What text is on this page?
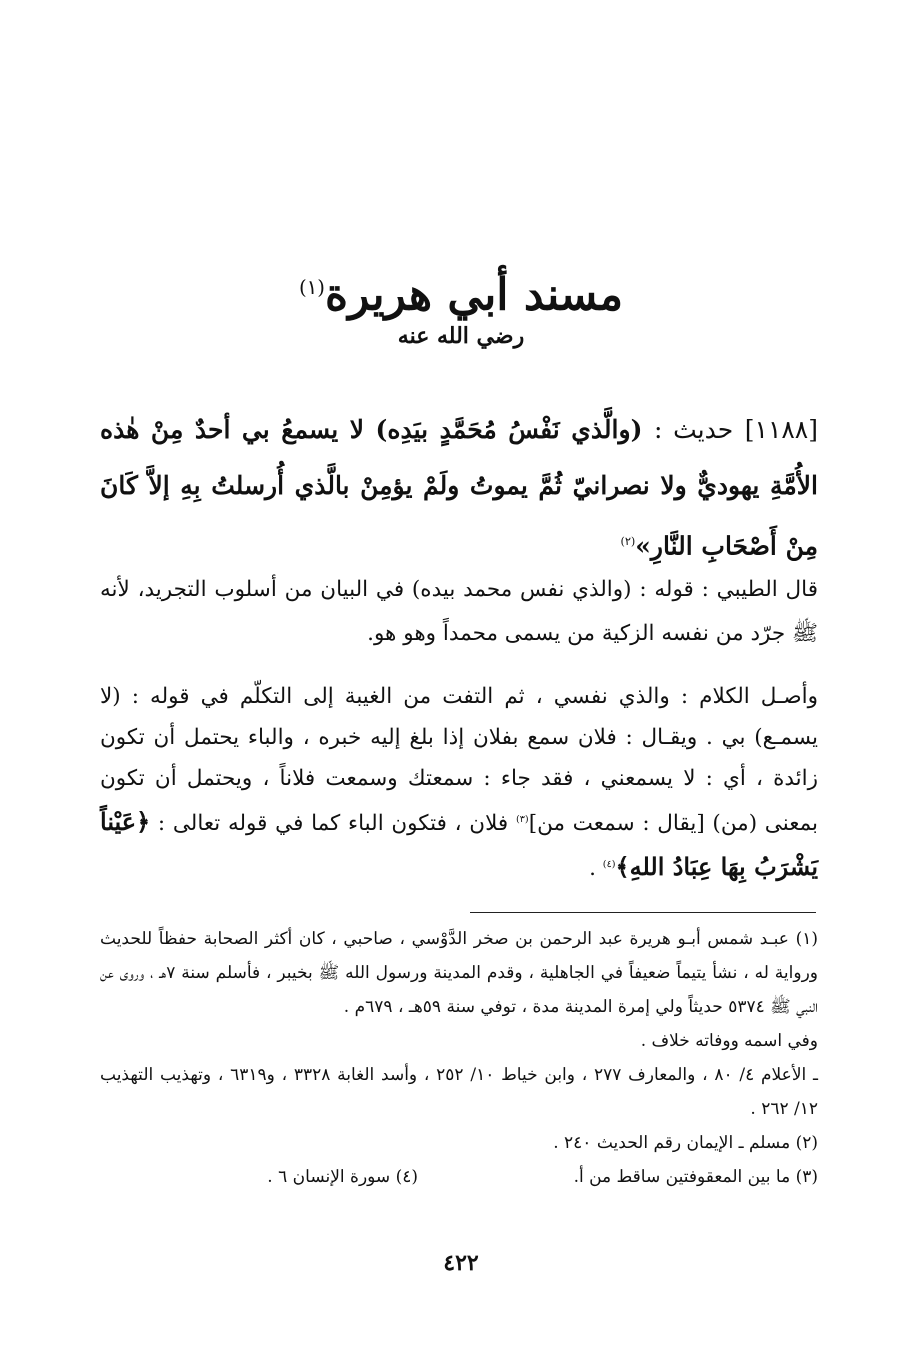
مسند أبي هريرة$^{(١)}$
رضي الله عنه
[١١٨٨] حديث : (والَّذي نَفْسُ مُحَمَّدٍ بيَدِه) لا يسمعُ بي أحدٌ مِنْ هٰذه الأُمَّةِ يهوديٌّ ولا نصرانيّ ثُمَّ يموتُ ولَمْ يؤمِنْ بالَّذي أُرسلتُ بِهِ إلاَّ كَانَ مِنْ أَصْحَابِ النَّارِ»$^{(٢)}$
قال الطيبي : قوله : (والذي نفس محمد بيده) في البيان من أسلوب التجريد، لأنه ﷺ جرّد من نفسه الزكية من يسمى محمداً وهو هو.
وأصـل الكلام : والذي نفسي ، ثم التفت من الغيبة إلى التكلّم في قوله : (لا يسمـع) بي . ويقـال : فلان سمع بفلان إذا بلغ إليه خبره ، والباء يحتمل أن تكون زائدة ، أي : لا يسمعني ، فقد جاء : سمعتك وسمعت فلاناً ، ويحتمل أن تكون بمعنى (من) [يقال : سمعت من]$^{(٣)}$ فلان ، فتكون الباء كما في قوله تعالى : ﴿عَيْناً يَشْرَبُ بِهَا عِبَادُ اللهِ﴾$^{(٤)}$ .

(١) عبـد شمس أبـو هريرة عبد الرحمن بن صخر الدَّوْسي ، صاحبي ، كان أكثر الصحابة حفظاً للحديث ورواية له ، نشأ يتيماً ضعيفاً في الجاهلية ، وقدم المدينة ورسول الله ﷺ بخيبر ، فأسلم سنة ٧هـ ، وروى عن النبي ﷺ ٥٣٧٤ حديثاً ولي إمرة المدينة مدة ، توفي سنة ٥٩هـ ، ٦٧٩م .

وفي اسمه ووفاته خلاف .

ـ الأعلام ٤/ ٨٠ ، والمعارف ٢٧٧ ، وابن خياط ١٠/ ٢٥٢ ، وأسد الغابة ٣٣٢٨ ، و٦٣١٩ ، وتهذيب التهذيب ١٢/ ٢٦٢ .

(٢) مسلم ـ الإيمان رقم الحديث ٢٤٠ .

(٣) ما بين المعقوفتين ساقط من أ.
(٤) سورة الإنسان ٦ .
٤٢٢
